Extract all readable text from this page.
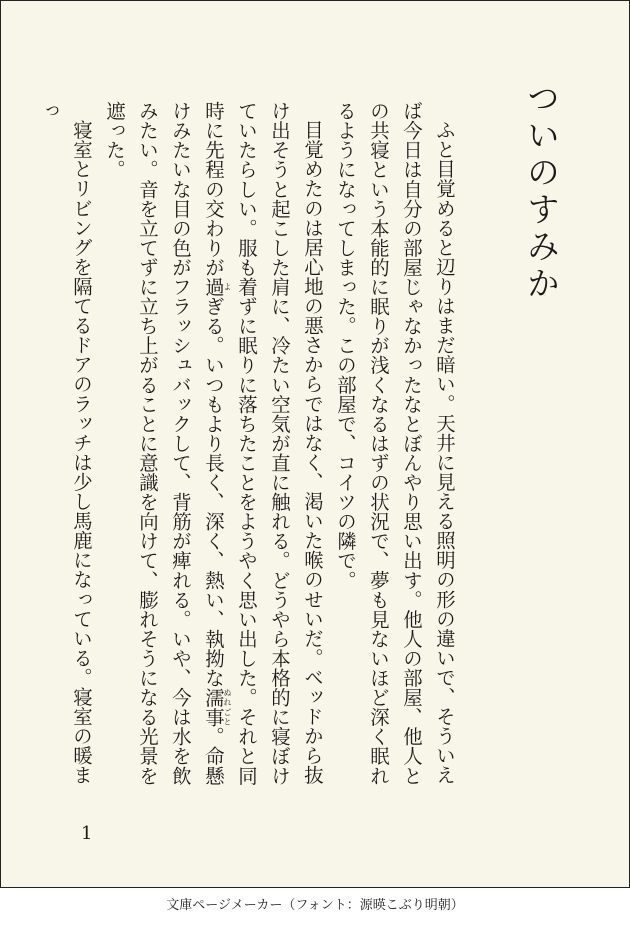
ついのすみか

ふと目覚めると辺りはまだ暗い。天井に見える照明の形の違いで、そういえば今日は自分の部屋じゃなかったなとぼんやり思い出す。他人の部屋、他人との共寝という本能的に眠りが浅くなるはずの状況で、夢も見ないほど深く眠れるようになってしまった。この部屋で、コイツの隣で。

目覚めたのは居心地の悪さからではなく、渇いた喉のせいだ。ベッドから抜け出そうと起こした肩に、冷たい空気が直に触れる。どうやら本格的に寝ぼけていたらしい。服も着ずに眠りに落ちたことをようやく思い出した。それと同時に先程の交わりが過よぎる。いつもより長く、深く、熱い、執拗な濡事ぬれごと。命懸けみたいな目の色がフラッシュバックして、背筋が痺れる。いや、今は水を飲みたい。音を立てずに立ち上がることに意識を向けて、膨れそうになる光景を遮った。

寝室とリビングを隔てるドアのラッチは少し馬鹿になっている。寝室の暖まっ

1
文庫ページメーカー（フォント：源暎こぶり明朝）
